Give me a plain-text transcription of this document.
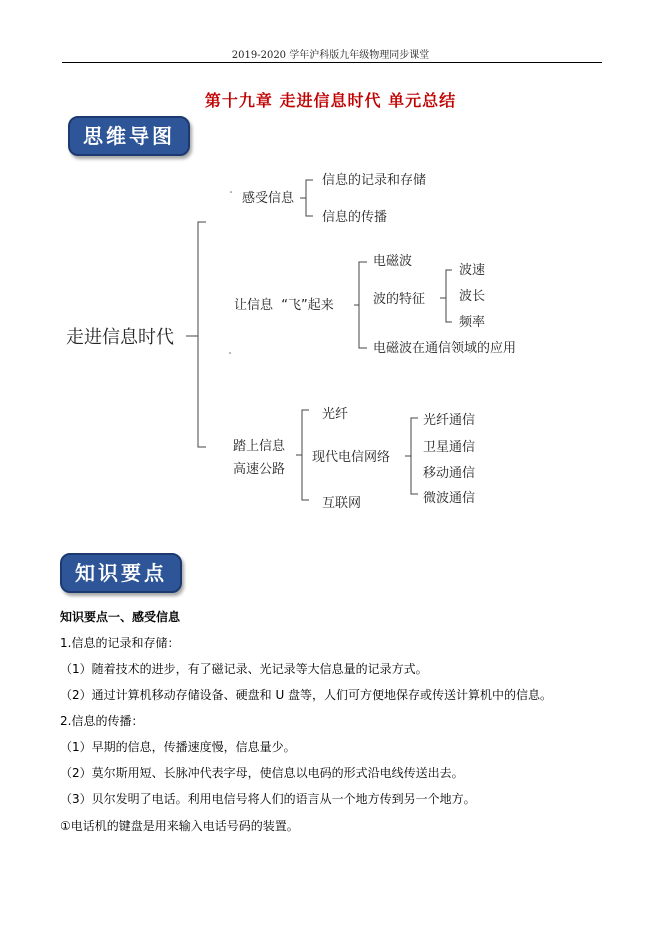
2019-2020 学年沪科版九年级物理同步课堂
第十九章 走进信息时代 单元总结
思维导图
走进信息时代
感受信息
信息的记录和存储
信息的传播
让信息  “飞”起来
电磁波
波的特征
波速
波长
频率
电磁波在通信领域的应用
踏上信息
高速公路
光纤
现代电信网络
互联网
光纤通信
卫星通信
移动通信
微波通信
知识要点
知识要点一、感受信息
1.信息的记录和存储：
（1）随着技术的进步，有了磁记录、光记录等大信息量的记录方式。
（2）通过计算机移动存储设备、硬盘和 U 盘等，人们可方便地保存或传送计算机中的信息。
2.信息的传播：
（1）早期的信息，传播速度慢，信息量少。
（2）莫尔斯用短、长脉冲代表字母，使信息以电码的形式沿电线传送出去。
（3）贝尔发明了电话。利用电信号将人们的语言从一个地方传到另一个地方。
①电话机的键盘是用来输入电话号码的装置。
